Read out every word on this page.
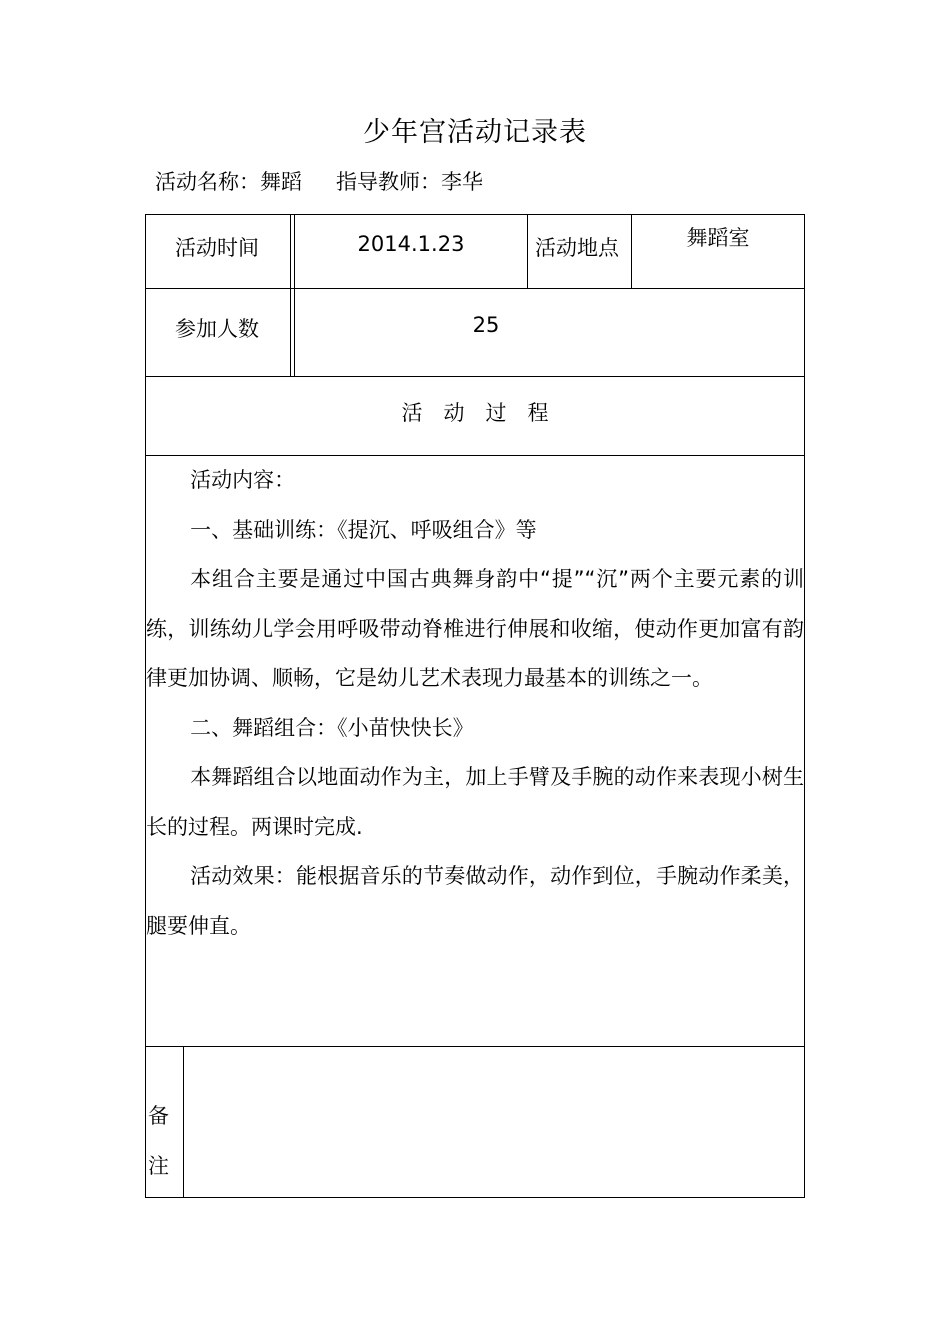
少年宫活动记录表
活动名称：舞蹈 指导教师：李华
活动时间	2014.1.23	活动地点	舞蹈室
参加人数	25
活　动　过　程

活动内容：

一、基础训练：《提沉、呼吸组合》等

本组合主要是通过中国古典舞身韵中“提”“沉”两个主要元素的训练，训练幼儿学会用呼吸带动脊椎进行伸展和收缩，使动作更加富有韵律更加协调、顺畅，它是幼儿艺术表现力最基本的训练之一。

二、舞蹈组合：《小苗快快长》

本舞蹈组合以地面动作为主，加上手臂及手腕的动作来表现小树生长的过程。两课时完成.

活动效果：能根据音乐的节奏做动作，动作到位，手腕动作柔美，腿要伸直。

备
注
